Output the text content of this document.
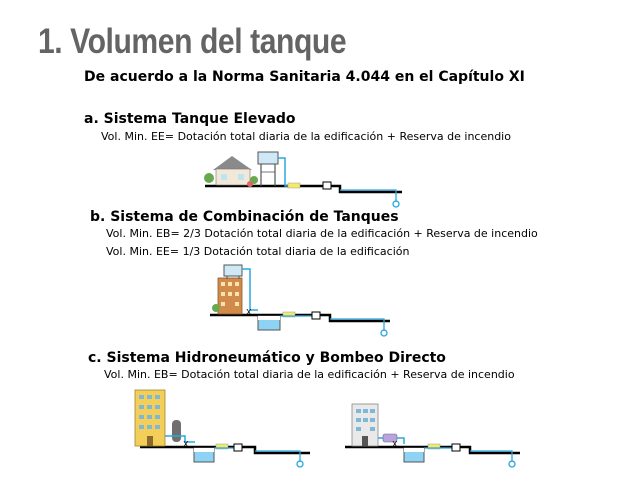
1. Volumen del tanque
De acuerdo a la Norma Sanitaria 4.044 en el Capítulo XI
a. Sistema Tanque Elevado
Vol. Min. EE= Dotación total diaria de la edificación + Reserva de incendio
b. Sistema de Combinación de Tanques
Vol. Min. EB= 2/3 Dotación total diaria de la edificación + Reserva de incendio
Vol. Min. EE= 1/3 Dotación total diaria de la edificación
c. Sistema Hidroneumático y Bombeo Directo
Vol. Min. EB= Dotación total diaria de la edificación + Reserva de incendio
X
X	X
